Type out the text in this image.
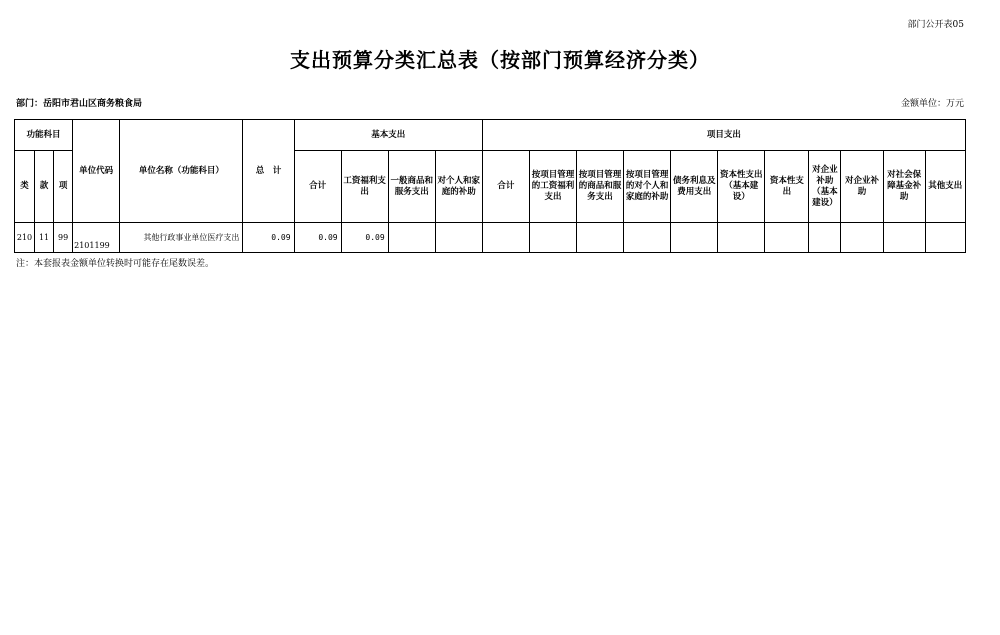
部门公开表05
支出预算分类汇总表（按部门预算经济分类）
部门：岳阳市君山区商务粮食局	金额单位：万元
功能科目			单位代码	单位名称（功能科目）	总　计	基本支出				项目支出										
类	款	项				合计	工资福利支出	一般商品和服务支出	对个人和家庭的补助	合计	按项目管理的工资福利支出	按项目管理的商品和服务支出	按项目管理的对个人和家庭的补助	债务利息及费用支出	资本性支出（基本建设）	资本性支出	对企业补助（基本建设）	对企业补助	对社会保障基金补助	其他支出
210	11	99	2101199	其他行政事业单位医疗支出	0.09	0.09	0.09													
注：本套报表金额单位转换时可能存在尾数误差。
